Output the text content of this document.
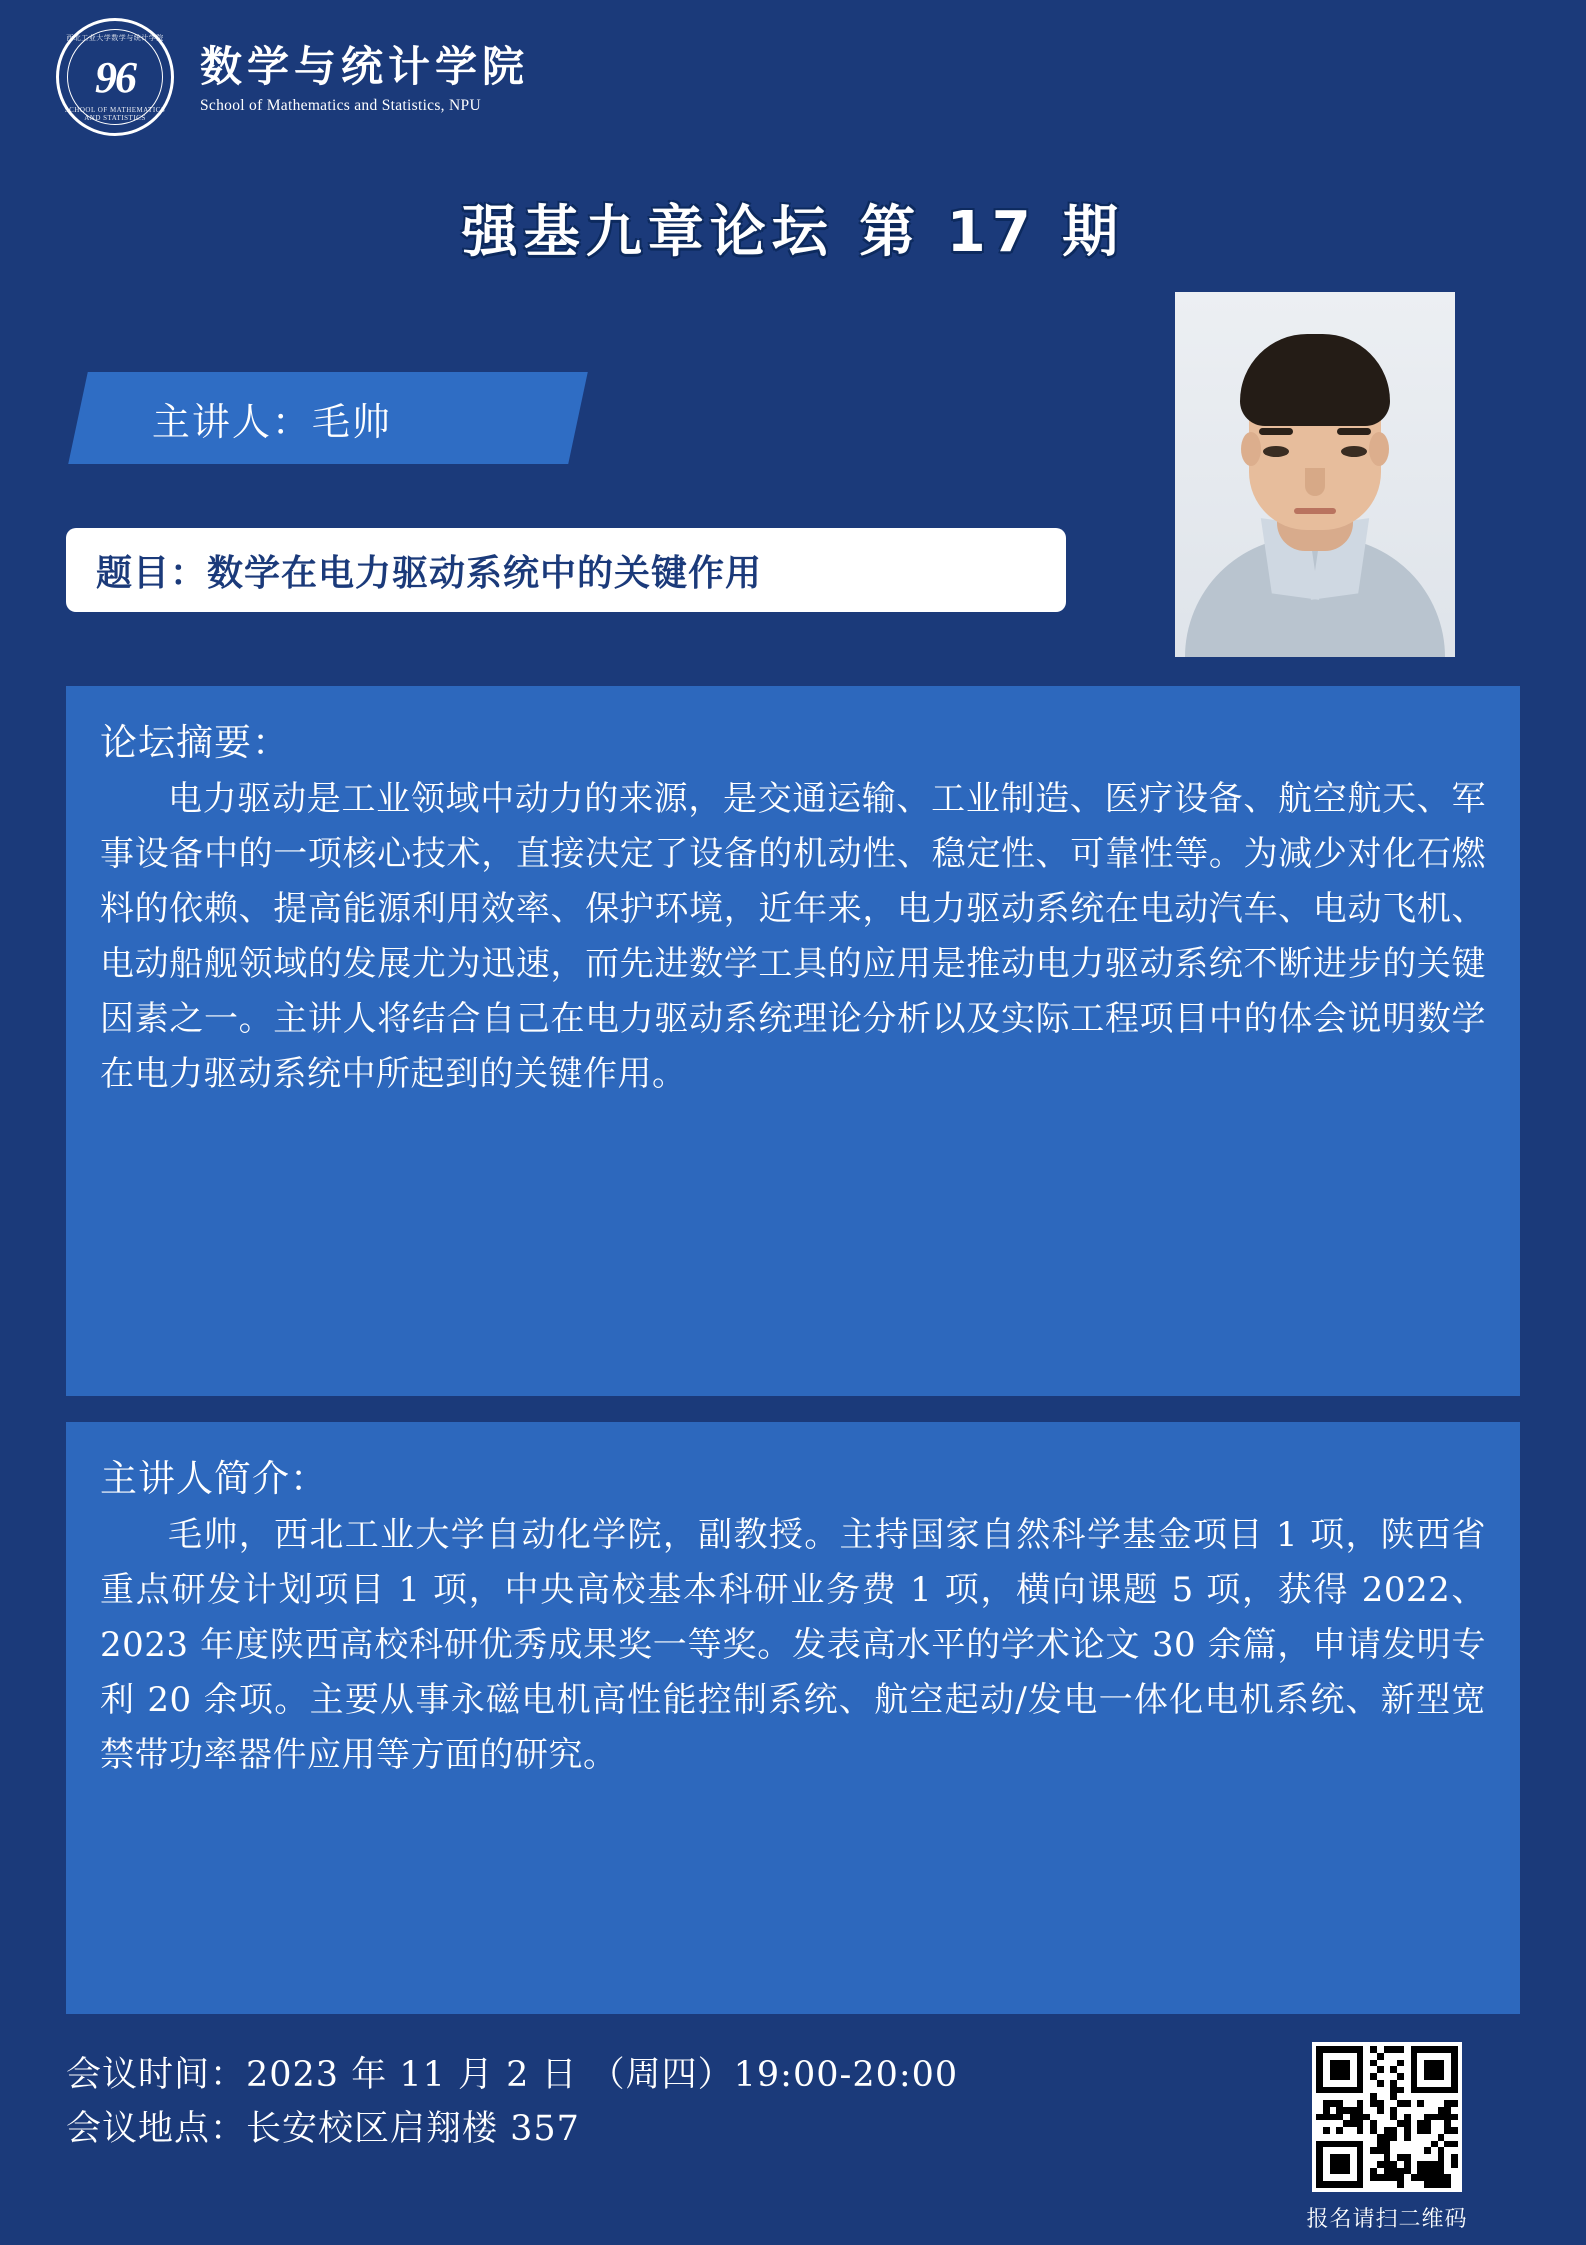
西北工业大学数学与统计学院
96
SCHOOL OF MATHEMATICS AND STATISTICS
数学与统计学院
School of Mathematics and Statistics, NPU
强基九章论坛 第 17 期
主讲人：毛帅
题目：数学在电力驱动系统中的关键作用
论坛摘要：

电力驱动是工业领域中动力的来源，是交通运输、工业制造、医疗设备、航空航天、军事设备中的一项核心技术，直接决定了设备的机动性、稳定性、可靠性等。为减少对化石燃料的依赖、提高能源利用效率、保护环境，近年来，电力驱动系统在电动汽车、电动飞机、电动船舰领域的发展尤为迅速，而先进数学工具的应用是推动电力驱动系统不断进步的关键因素之一。主讲人将结合自己在电力驱动系统理论分析以及实际工程项目中的体会说明数学在电力驱动系统中所起到的关键作用。

主讲人简介：

毛帅，西北工业大学自动化学院，副教授。主持国家自然科学基金项目 1 项，陕西省重点研发计划项目 1 项，中央高校基本科研业务费 1 项，横向课题 5 项，获得 2022、2023 年度陕西高校科研优秀成果奖一等奖。发表高水平的学术论文 30 余篇，申请发明专利 20 余项。主要从事永磁电机高性能控制系统、航空起动/发电一体化电机系统、新型宽禁带功率器件应用等方面的研究。

会议时间：2023 年 11 月 2 日 （周四）19:00-20:00
会议地点：长安校区启翔楼 357
报名请扫二维码
